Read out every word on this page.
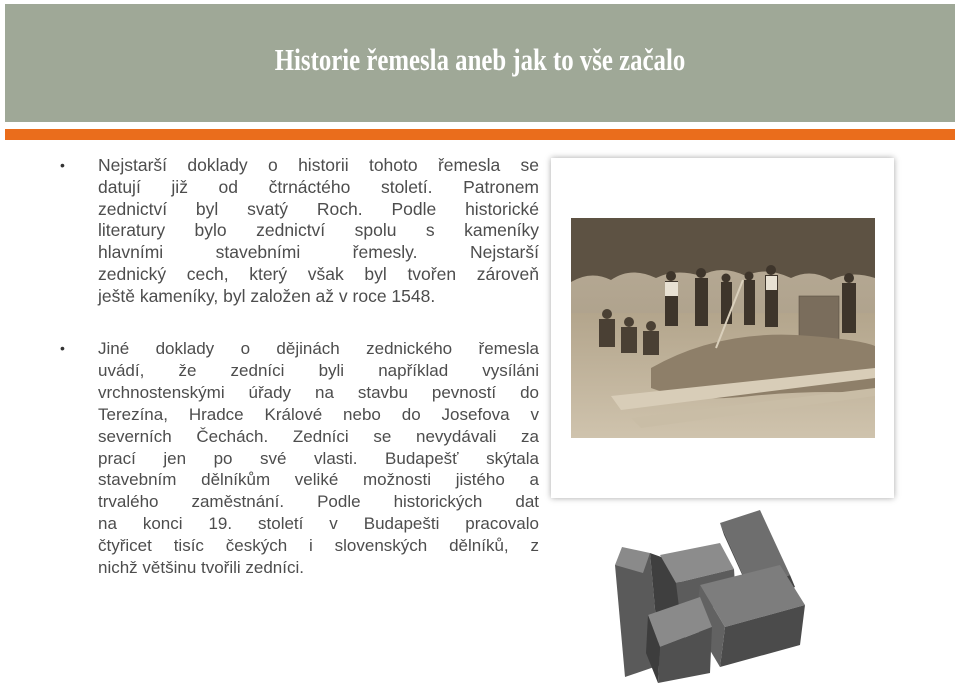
Historie řemesla aneb jak to vše začalo
• Nejstarší doklady o historii tohoto řemesla se
datují již od čtrnáctého století. Patronem
zednictví byl svatý Roch. Podle historické
literatury bylo zednictví spolu s kameníky
hlavními stavebními řemesly. Nejstarší
zednický cech, který však byl tvořen zároveň
ještě kameníky, byl založen až v roce 1548.
• Jiné doklady o dějinách zednického řemesla
uvádí, že zedníci byli například vysíláni
vrchnostenskými úřady na stavbu pevností do
Terezína, Hradce Králové nebo do Josefova v
severních Čechách. Zedníci se nevydávali za
prací jen po své vlasti. Budapešť skýtala
stavebním dělníkům veliké možnosti jistého a
trvalého zaměstnání. Podle historických dat
na konci 19. století v Budapešti pracovalo
čtyřicet tisíc českých i slovenských dělníků, z
nichž většinu tvořili zedníci.
